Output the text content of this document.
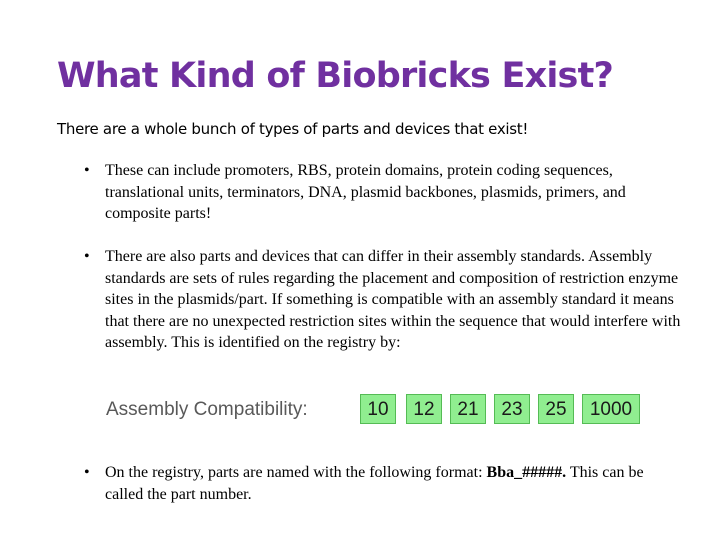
What Kind of Biobricks Exist?

There are a whole bunch of types of parts and devices that exist!

• These can include promoters, RBS, protein domains, protein coding sequences, translational units, terminators, DNA, plasmid backbones, plasmids, primers, and composite parts!
• There are also parts and devices that can differ in their assembly standards. Assembly standards are sets of rules regarding the placement and composition of restriction enzyme sites in the plasmids/part. If something is compatible with an assembly standard it means that there are no unexpected restriction sites within the sequence that would interfere with assembly. This is identified on the registry by:
Assembly Compatibility:	10	12	21	23	25	1000
• On the registry, parts are named with the following format: Bba_#####. This can be called the part number.
